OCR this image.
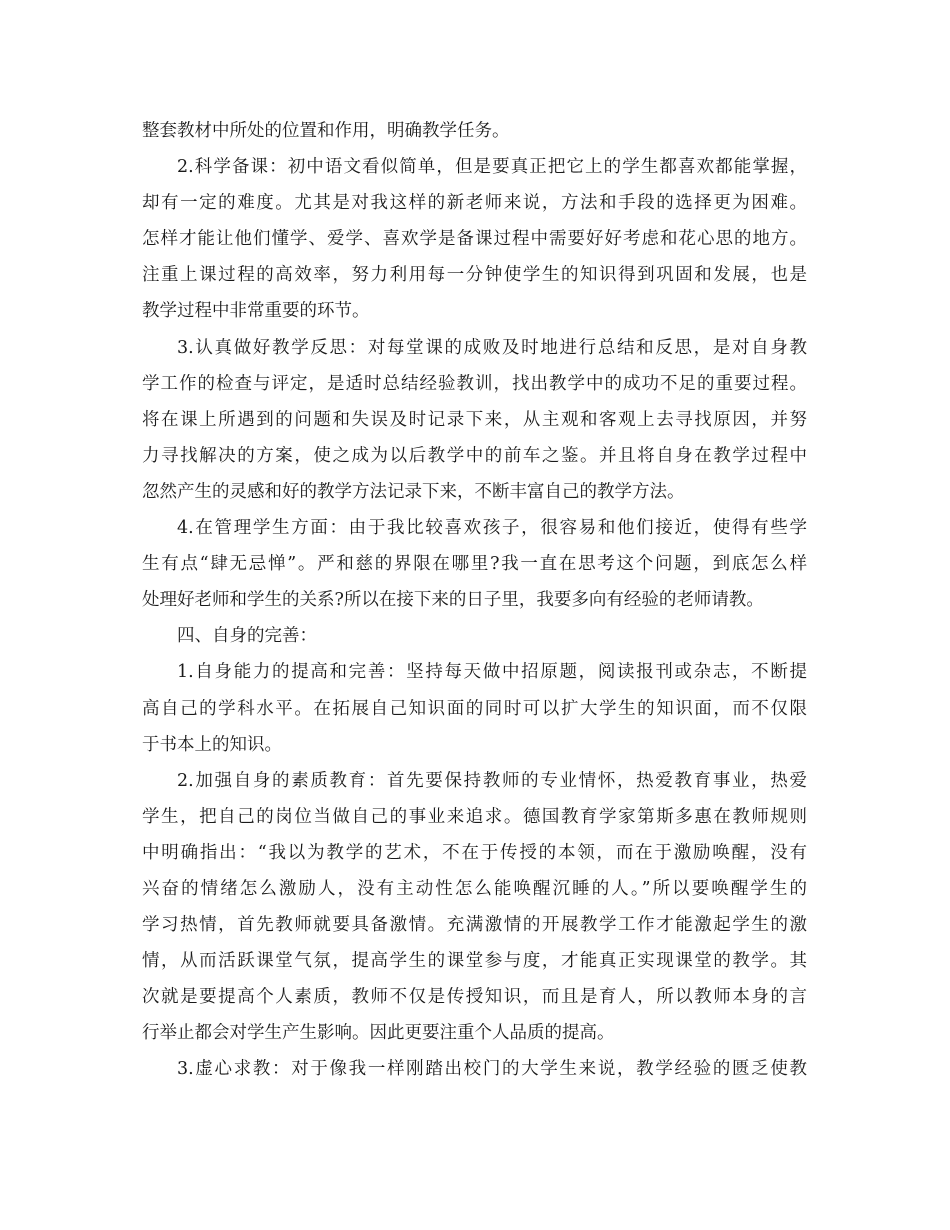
整套教材中所处的位置和作用，明确教学任务。
2.科学备课：初中语文看似简单，但是要真正把它上的学生都喜欢都能掌握，
却有一定的难度。尤其是对我这样的新老师来说，方法和手段的选择更为困难。
怎样才能让他们懂学、爱学、喜欢学是备课过程中需要好好考虑和花心思的地方。
注重上课过程的高效率，努力利用每一分钟使学生的知识得到巩固和发展，也是
教学过程中非常重要的环节。
3.认真做好教学反思：对每堂课的成败及时地进行总结和反思，是对自身教
学工作的检查与评定，是适时总结经验教训，找出教学中的成功不足的重要过程。
将在课上所遇到的问题和失误及时记录下来，从主观和客观上去寻找原因，并努
力寻找解决的方案，使之成为以后教学中的前车之鉴。并且将自身在教学过程中
忽然产生的灵感和好的教学方法记录下来，不断丰富自己的教学方法。
4.在管理学生方面：由于我比较喜欢孩子，很容易和他们接近，使得有些学
生有点“肆无忌惮”。严和慈的界限在哪里?我一直在思考这个问题，到底怎么样
处理好老师和学生的关系?所以在接下来的日子里，我要多向有经验的老师请教。
四、自身的完善：
1.自身能力的提高和完善：坚持每天做中招原题，阅读报刊或杂志，不断提
高自己的学科水平。在拓展自己知识面的同时可以扩大学生的知识面，而不仅限
于书本上的知识。
2.加强自身的素质教育：首先要保持教师的专业情怀，热爱教育事业，热爱
学生，把自己的岗位当做自己的事业来追求。德国教育学家第斯多惠在教师规则
中明确指出：“我以为教学的艺术，不在于传授的本领，而在于激励唤醒，没有
兴奋的情绪怎么激励人，没有主动性怎么能唤醒沉睡的人。”所以要唤醒学生的
学习热情，首先教师就要具备激情。充满激情的开展教学工作才能激起学生的激
情，从而活跃课堂气氛，提高学生的课堂参与度，才能真正实现课堂的教学。其
次就是要提高个人素质，教师不仅是传授知识，而且是育人，所以教师本身的言
行举止都会对学生产生影响。因此更要注重个人品质的提高。
3.虚心求教：对于像我一样刚踏出校门的大学生来说，教学经验的匮乏使教
